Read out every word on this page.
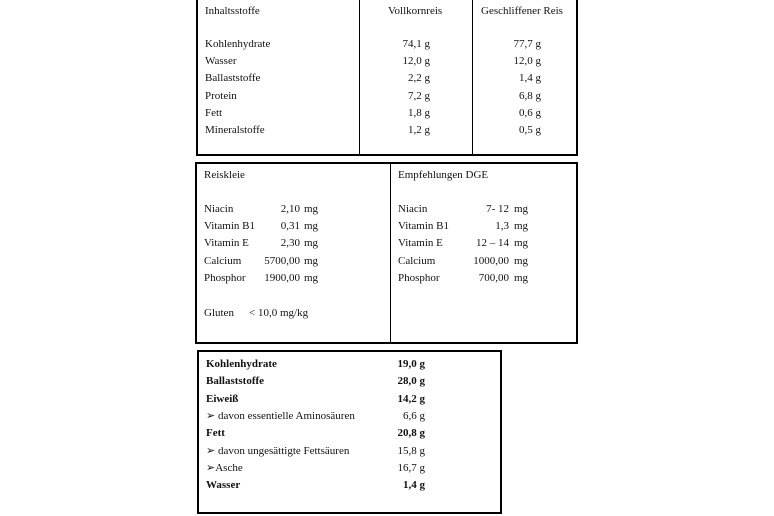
Inhaltsstoffe	Vollkornreis	Geschliffener Reis
Kohlenhydrate	74,1 g	77,7 g
Wasser	12,0 g	12,0 g
Ballaststoffe	2,2 g	1,4 g
Protein	7,2 g	6,8 g
Fett	1,8 g	0,6 g
Mineralstoffe	1,2 g	0,5 g
Reiskleie	Empfehlungen DGE
Niacin	2,10 mg
Vitamin B1	0,31 mg
Vitamin E	2,30 mg
Calcium 5700,00 mg
Phosphor 1900,00 mg
Niacin	7- 12 mg
Vitamin B1	1,3 mg
Vitamin E	12 – 14 mg
Calcium	1000,00 mg
Phosphor	700,00 mg
Gluten < 10,0 mg/kg
Kohlenhydrate	19,0 g
Ballaststoffe	28,0 g
Eiweiß	14,2 g
➢ davon essentielle Aminosäuren	6,6 g
Fett	20,8 g
➢ davon ungesättigte Fettsäuren	15,8 g
➢Asche	16,7 g
Wasser	1,4 g
